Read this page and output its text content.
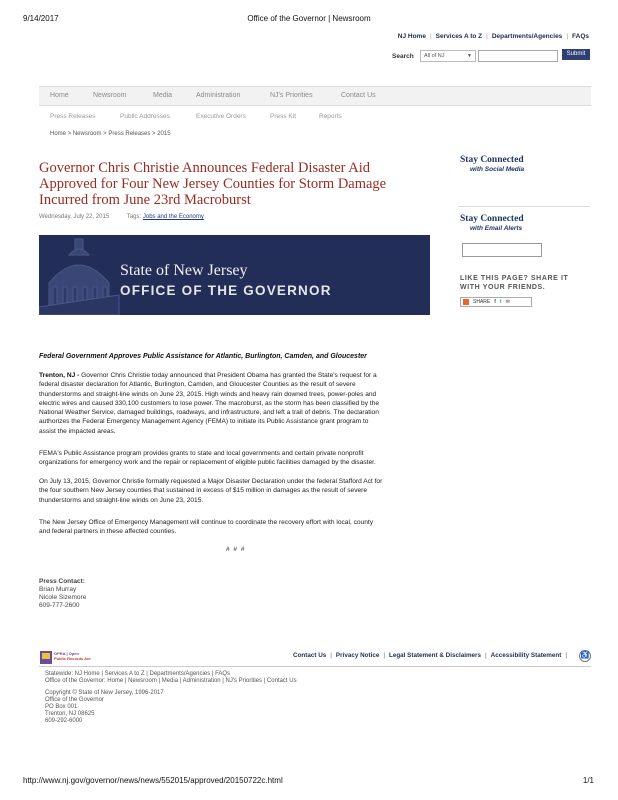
9/14/2017	Office of the Governor | Newsroom
NJ Home | Services A to Z | Departments/Agencies | FAQs
Search	All of NJ	▼	Submit
Home	Newsroom	Media	Administration	NJ's Priorities	Contact Us
Press Releases	Public Addresses	Executive Orders	Press Kit	Reports
Home > Newsroom > Press Releases > 2015
Governor Chris Christie Announces Federal Disaster Aid
Approved for Four New Jersey Counties for Storm Damage
Incurred from June 23rd Macroburst
Wednesday, July 22, 2015	Tags: Jobs and the Economy
State of New Jersey
OFFICE OF THE GOVERNOR
Federal Government Approves Public Assistance for Atlantic, Burlington, Camden, and Gloucester
Trenton, NJ - Governor Chris Christie today announced that President Obama has granted the State's request for a
federal disaster declaration for Atlantic, Burlington, Camden, and Gloucester Counties as the result of severe
thunderstorms and straight-line winds on June 23, 2015. High winds and heavy rain downed trees, power-poles and
electric wires and caused 330,100 customers to lose power. The macroburst, as the storm has been classified by the
National Weather Service, damaged buildings, roadways, and infrastructure, and left a trail of debris. The declaration
authorizes the Federal Emergency Management Agency (FEMA) to initiate its Public Assistance grant program to
assist the impacted areas.
FEMA's Public Assistance program provides grants to state and local governments and certain private nonprofit
organizations for emergency work and the repair or replacement of eligible public facilities damaged by the disaster.
On July 13, 2015, Governor Christie formally requested a Major Disaster Declaration under the federal Stafford Act for
the four southern New Jersey counties that sustained in excess of $15 million in damages as the result of severe
thunderstorms and straight-line winds on June 23, 2015.
The New Jersey Office of Emergency Management will continue to coordinate the recovery effort with local, county
and federal partners in these affected counties.
# # #
Press Contact:
Brian Murray
Nicole Sizemore
609-777-2600
Stay Connected
with Social Media
Stay Connected
with Email Alerts
LIKE THIS PAGE? SHARE IT
WITH YOUR FRIENDS.
SHARE f t ✉
OPRA | Open
Public Records Act	Contact Us | Privacy Notice | Legal Statement & Disclaimers | Accessibility Statement |	♿
Statewide: NJ Home | Services A to Z | Departments/Agencies | FAQs
Office of the Governor: Home | Newsroom | Media | Administration | NJ's Priorities | Contact Us
Copyright © State of New Jersey, 1996-2017
Office of the Governor
PO Box 001
Trenton, NJ 08625
609-292-6000
http://www.nj.gov/governor/news/news/552015/approved/20150722c.html	1/1
